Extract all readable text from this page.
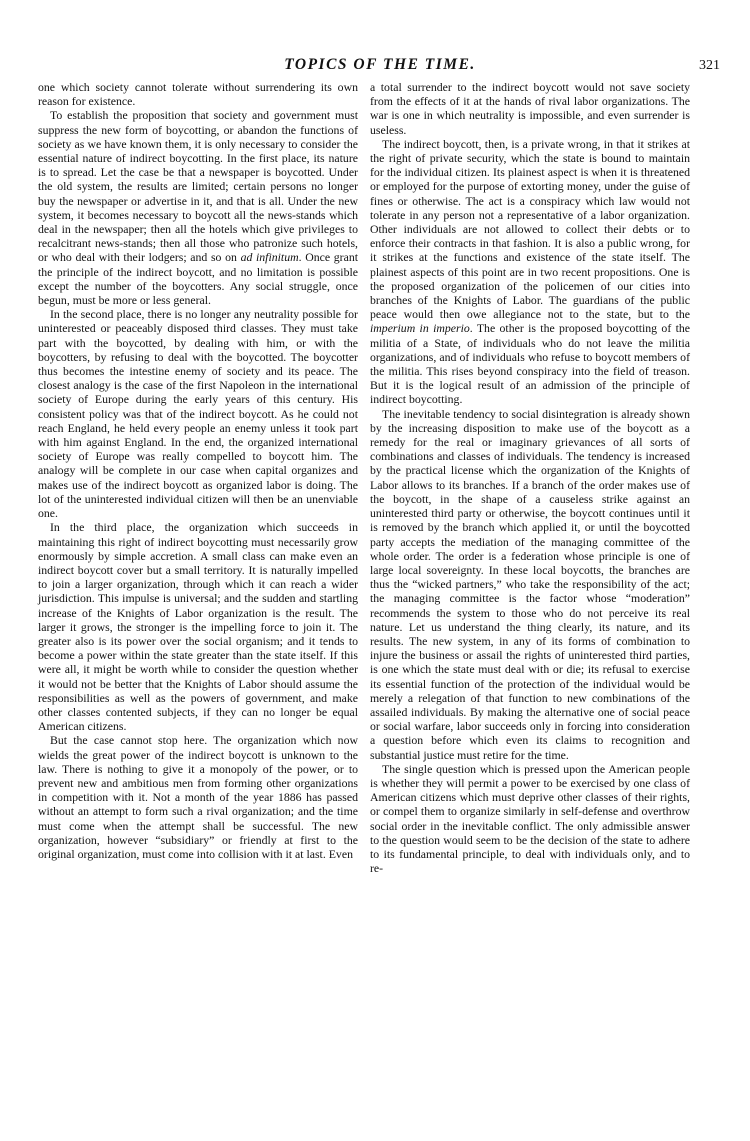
TOPICS OF THE TIME.	321

one which society cannot tolerate without surrendering its own reason for existence.

To establish the proposition that society and government must suppress the new form of boycotting, or abandon the functions of society as we have known them, it is only necessary to consider the essential nature of indirect boycotting. In the first place, its nature is to spread. Let the case be that a newspaper is boycotted. Under the old system, the results are limited; certain persons no longer buy the newspaper or advertise in it, and that is all. Under the new system, it becomes necessary to boycott all the news-stands which deal in the newspaper; then all the hotels which give privileges to recalcitrant news-stands; then all those who patronize such hotels, or who deal with their lodgers; and so on ad infinitum. Once grant the principle of the indirect boycott, and no limitation is possible except the number of the boycotters. Any social struggle, once begun, must be more or less general.

In the second place, there is no longer any neutrality possible for uninterested or peaceably disposed third classes. They must take part with the boycotted, by dealing with him, or with the boycotters, by refusing to deal with the boycotted. The boycotter thus becomes the intestine enemy of society and its peace. The closest analogy is the case of the first Napoleon in the international society of Europe during the early years of this century. His consistent policy was that of the indirect boycott. As he could not reach England, he held every people an enemy unless it took part with him against England. In the end, the organized international society of Europe was really compelled to boycott him. The analogy will be complete in our case when capital organizes and makes use of the indirect boycott as organized labor is doing. The lot of the uninterested individual citizen will then be an unenviable one.

In the third place, the organization which succeeds in maintaining this right of indirect boycotting must necessarily grow enormously by simple accretion. A small class can make even an indirect boycott cover but a small territory. It is naturally impelled to join a larger organization, through which it can reach a wider jurisdiction. This impulse is universal; and the sudden and startling increase of the Knights of Labor organization is the result. The larger it grows, the stronger is the impelling force to join it. The greater also is its power over the social organism; and it tends to become a power within the state greater than the state itself. If this were all, it might be worth while to consider the question whether it would not be better that the Knights of Labor should assume the responsibilities as well as the powers of government, and make other classes contented subjects, if they can no longer be equal American citizens.

But the case cannot stop here. The organization which now wields the great power of the indirect boycott is unknown to the law. There is nothing to give it a monopoly of the power, or to prevent new and ambitious men from forming other organizations in competition with it. Not a month of the year 1886 has passed without an attempt to form such a rival organization; and the time must come when the attempt shall be successful. The new organization, however “subsidiary” or friendly at first to the original organization, must come into collision with it at last. Even

a total surrender to the indirect boycott would not save society from the effects of it at the hands of rival labor organizations. The war is one in which neutrality is impossible, and even surrender is useless.

The indirect boycott, then, is a private wrong, in that it strikes at the right of private security, which the state is bound to maintain for the individual citizen. Its plainest aspect is when it is threatened or employed for the purpose of extorting money, under the guise of fines or otherwise. The act is a conspiracy which law would not tolerate in any person not a representative of a labor organization. Other individuals are not allowed to collect their debts or to enforce their contracts in that fashion. It is also a public wrong, for it strikes at the functions and existence of the state itself. The plainest aspects of this point are in two recent propositions. One is the proposed organization of the policemen of our cities into branches of the Knights of Labor. The guardians of the public peace would then owe allegiance not to the state, but to the imperium in imperio. The other is the proposed boycotting of the militia of a State, of individuals who do not leave the militia organizations, and of individuals who refuse to boycott members of the militia. This rises beyond conspiracy into the field of treason. But it is the logical result of an admission of the principle of indirect boycotting.

The inevitable tendency to social disintegration is already shown by the increasing disposition to make use of the boycott as a remedy for the real or imaginary grievances of all sorts of combinations and classes of individuals. The tendency is increased by the practical license which the organization of the Knights of Labor allows to its branches. If a branch of the order makes use of the boycott, in the shape of a causeless strike against an uninterested third party or otherwise, the boycott continues until it is removed by the branch which applied it, or until the boycotted party accepts the mediation of the managing committee of the whole order. The order is a federation whose principle is one of large local sovereignty. In these local boycotts, the branches are thus the “wicked partners,” who take the responsibility of the act; the managing committee is the factor whose “moderation” recommends the system to those who do not perceive its real nature. Let us understand the thing clearly, its nature, and its results. The new system, in any of its forms of combination to injure the business or assail the rights of uninterested third parties, is one which the state must deal with or die; its refusal to exercise its essential function of the protection of the individual would be merely a relegation of that function to new combinations of the assailed individuals. By making the alternative one of social peace or social warfare, labor succeeds only in forcing into consideration a question before which even its claims to recognition and substantial justice must retire for the time.

The single question which is pressed upon the American people is whether they will permit a power to be exercised by one class of American citizens which must deprive other classes of their rights, or compel them to organize similarly in self-defense and overthrow social order in the inevitable conflict. The only admissible answer to the question would seem to be the decision of the state to adhere to its fundamental principle, to deal with individuals only, and to re-
